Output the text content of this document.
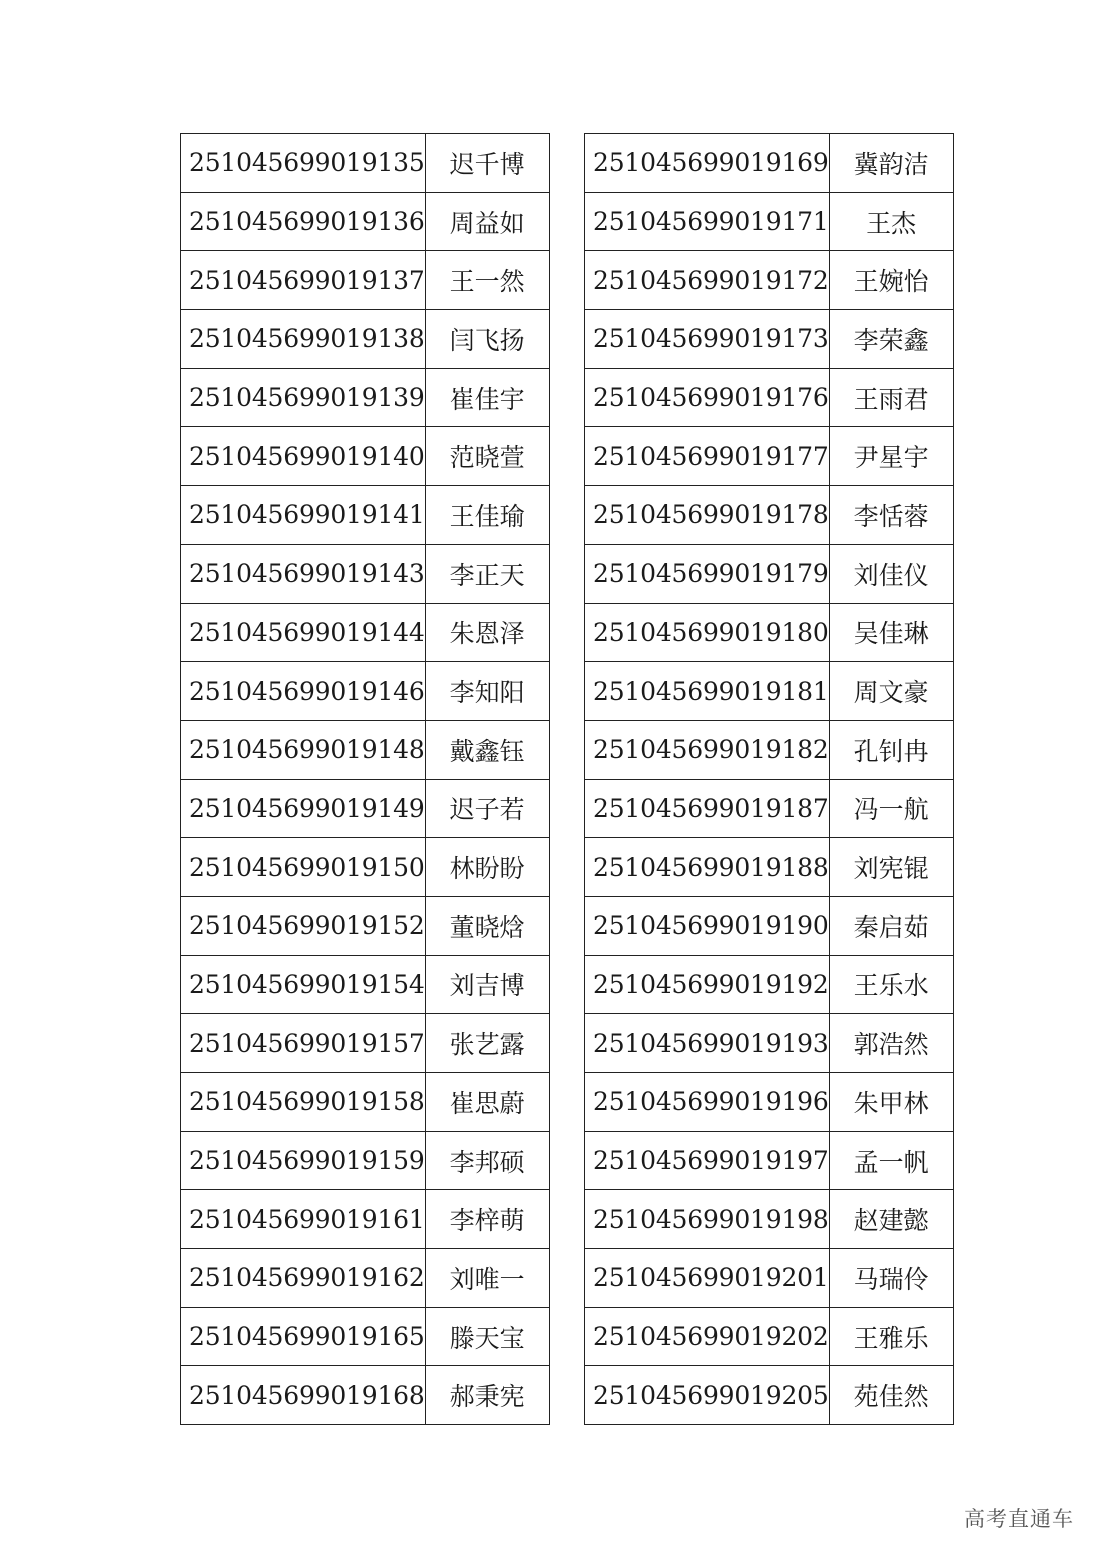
251045699019135	迟千博
251045699019136	周益如
251045699019137	王一然
251045699019138	闫飞扬
251045699019139	崔佳宇
251045699019140	范晓萱
251045699019141	王佳瑜
251045699019143	李正天
251045699019144	朱恩泽
251045699019146	李知阳
251045699019148	戴鑫钰
251045699019149	迟子若
251045699019150	林盼盼
251045699019152	董晓焓
251045699019154	刘吉博
251045699019157	张艺露
251045699019158	崔思蔚
251045699019159	李邦硕
251045699019161	李梓萌
251045699019162	刘唯一
251045699019165	滕天宝
251045699019168	郝秉宪
251045699019169	冀韵洁
251045699019171	王杰
251045699019172	王婉怡
251045699019173	李荣鑫
251045699019176	王雨君
251045699019177	尹星宇
251045699019178	李恬蓉
251045699019179	刘佳仪
251045699019180	吴佳琳
251045699019181	周文豪
251045699019182	孔钊冉
251045699019187	冯一航
251045699019188	刘宪锟
251045699019190	秦启茹
251045699019192	王乐水
251045699019193	郭浩然
251045699019196	朱甲林
251045699019197	孟一帆
251045699019198	赵建懿
251045699019201	马瑞伶
251045699019202	王雅乐
251045699019205	苑佳然
高考直通车
